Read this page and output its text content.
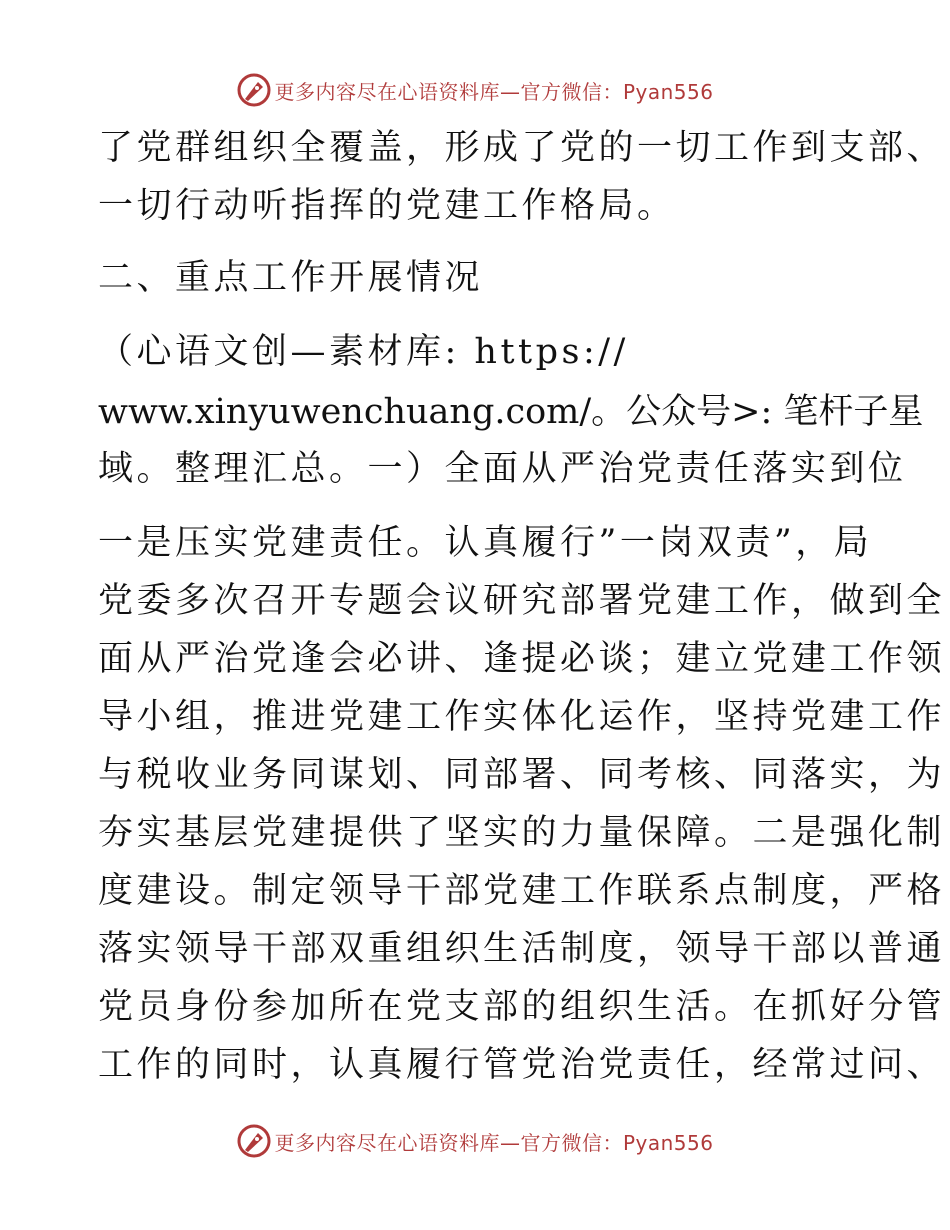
更多内容尽在心语资料库—官方微信：Pyan556
了党群组织全覆盖，形成了党的一切工作到支部、
一切行动听指挥的党建工作格局。
二、重点工作开展情况
（心语文创—素材库: https://
www.xinyuwenchuang.com/。公众号>: 笔杆子星
域。整理汇总。一）全面从严治党责任落实到位
一是压实党建责任。认真履行”一岗双责”，局
党委多次召开专题会议研究部署党建工作，做到全
面从严治党逢会必讲、逢提必谈；建立党建工作领
导小组，推进党建工作实体化运作，坚持党建工作
与税收业务同谋划、同部署、同考核、同落实，为
夯实基层党建提供了坚实的力量保障。二是强化制
度建设。制定领导干部党建工作联系点制度，严格
落实领导干部双重组织生活制度，领导干部以普通
党员身份参加所在党支部的组织生活。在抓好分管
工作的同时，认真履行管党治党责任，经常过问、
更多内容尽在心语资料库—官方微信：Pyan556
